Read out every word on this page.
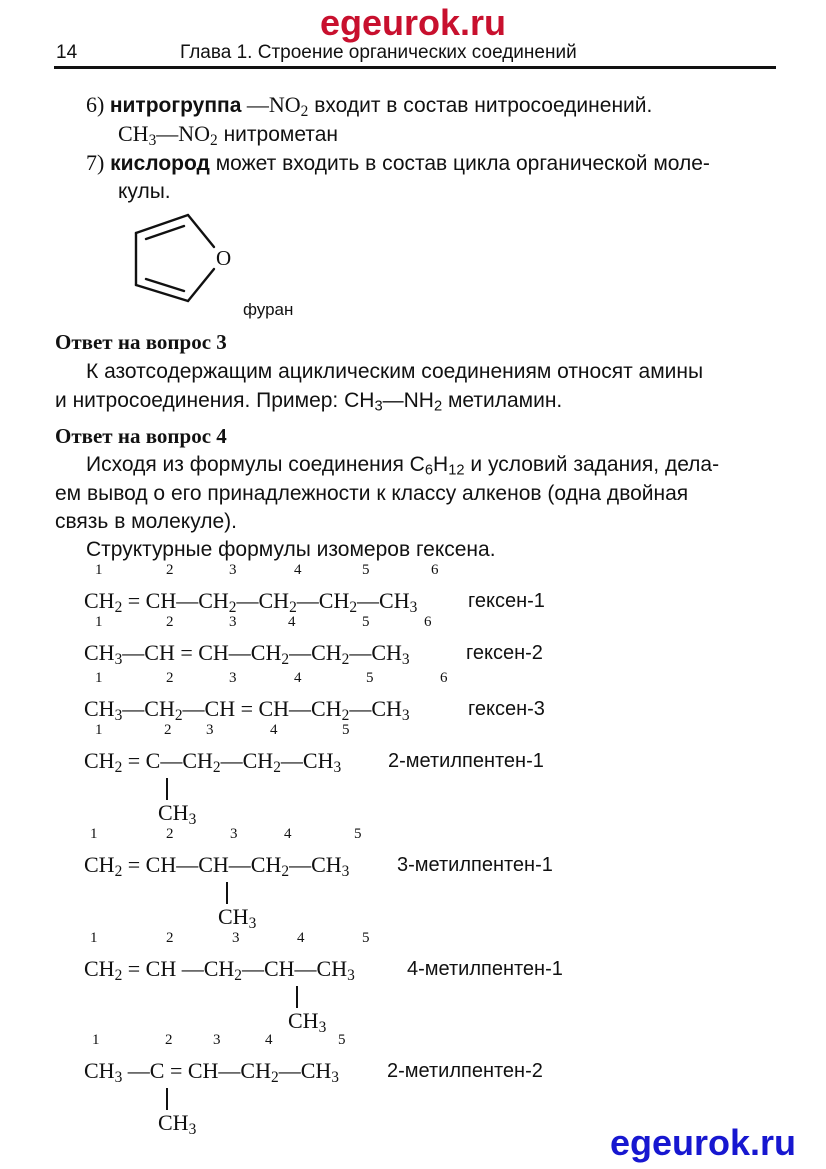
egeurok.ru
14	Глава 1. Строение органических соединений
6) нитрогруппа $—NO_2$ входит в состав нитросоединений.
$CH_3—NO_2$ нитрометан
7) кислород может входить в состав цикла органической моле-
кулы.
O
фуран
Ответ на вопрос 3
К азотсодержащим ациклическим соединениям относят амины
и нитросоединения. Пример: $CH_3—NH_2$ метиламин.
Ответ на вопрос 4
Исходя из формулы соединения $C_6H_{12}$ и условий задания, дела-
ем вывод о его принадлежности к классу алкенов (одна двойная
связь в молекуле).
Структурные формулы изомеров гексена.
1	2	3	4	5	6
$CH_2$ = $CH—CH_2—CH_2—CH_2—CH_3$	гексен-1
1	2	3	4	5	6
$CH_3—CH$ = $CH—CH_2—CH_2—CH_3$	гексен-2
1	2	3	4	5	6
$CH_3—CH_2—CH$ = $CH—CH_2—CH_3$	гексен-3
1	2 3	4	5
$CH_2$ = $C—CH_2—CH_2—CH_3$ 2-метилпентен-1
$CH_3$
1	2	3	4	5
$CH_2$ = $CH—CH—CH_2—CH_3$ 3-метилпентен-1
$CH_3$
1	2	3	4	5
$CH_2$ = CH $—CH_2—CH—CH_3$	4-метилпентен-1
$CH_3$
1	2	3	4	5
$CH_3$ —C = $CH—CH_2—CH_3$ 2-метилпентен-2
$CH_3$	egeurok.ru
